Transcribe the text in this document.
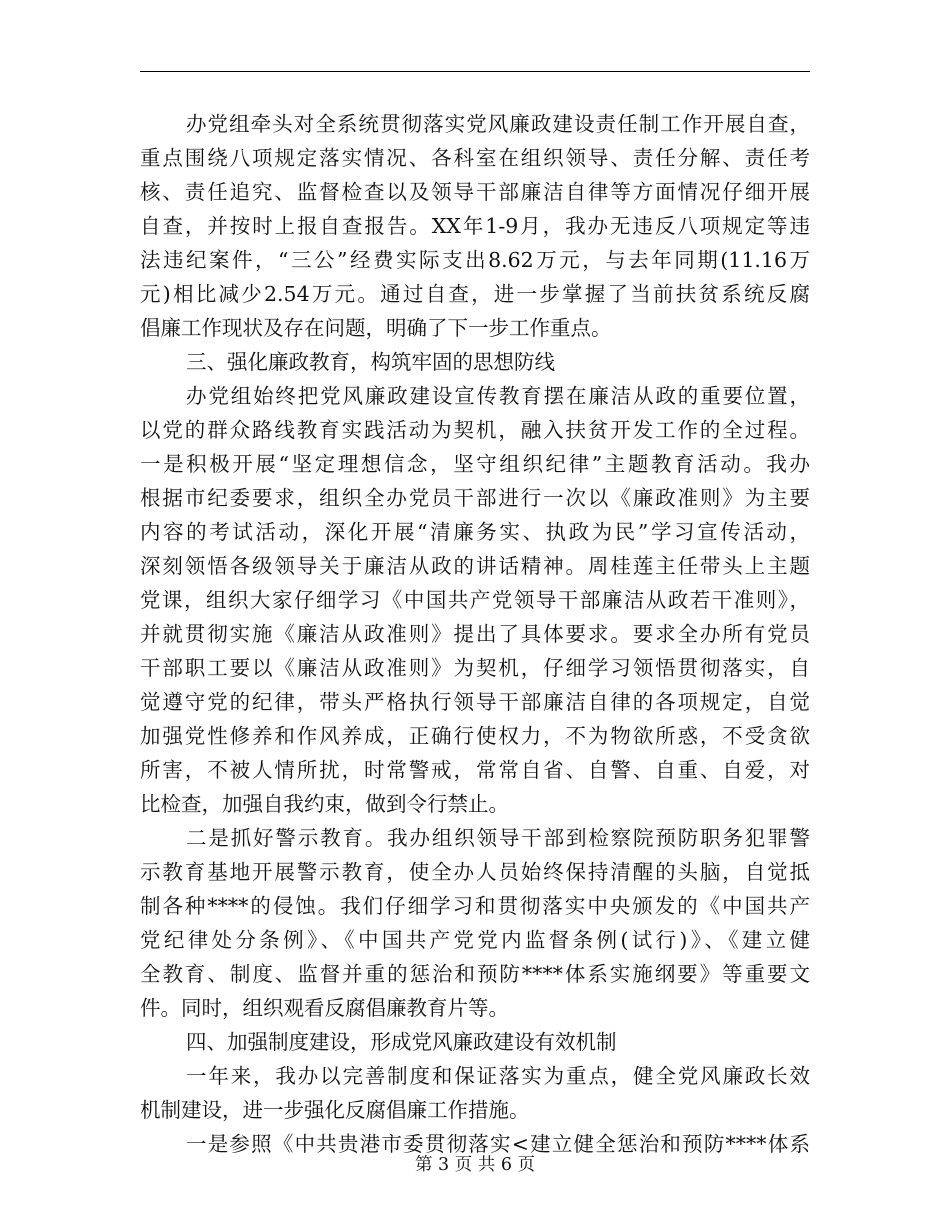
办党组牵头对全系统贯彻落实党风廉政建设责任制工作开展自查，
重点围绕八项规定落实情况、各科室在组织领导、责任分解、责任考
核、责任追究、监督检查以及领导干部廉洁自律等方面情况仔细开展
自查，并按时上报自查报告。XX年1-9月，我办无违反八项规定等违
法违纪案件，“三公”经费实际支出8.62万元，与去年同期(11.16万
元)相比减少2.54万元。通过自查，进一步掌握了当前扶贫系统反腐
倡廉工作现状及存在问题，明确了下一步工作重点。
三、强化廉政教育，构筑牢固的思想防线
办党组始终把党风廉政建设宣传教育摆在廉洁从政的重要位置，
以党的群众路线教育实践活动为契机，融入扶贫开发工作的全过程。
一是积极开展“坚定理想信念，坚守组织纪律”主题教育活动。我办
根据市纪委要求，组织全办党员干部进行一次以《廉政准则》为主要
内容的考试活动，深化开展“清廉务实、执政为民”学习宣传活动，
深刻领悟各级领导关于廉洁从政的讲话精神。周桂莲主任带头上主题
党课，组织大家仔细学习《中国共产党领导干部廉洁从政若干准则》，
并就贯彻实施《廉洁从政准则》提出了具体要求。要求全办所有党员
干部职工要以《廉洁从政准则》为契机，仔细学习领悟贯彻落实，自
觉遵守党的纪律，带头严格执行领导干部廉洁自律的各项规定，自觉
加强党性修养和作风养成，正确行使权力，不为物欲所惑，不受贪欲
所害，不被人情所扰，时常警戒，常常自省、自警、自重、自爱，对
比检查，加强自我约束，做到令行禁止。
二是抓好警示教育。我办组织领导干部到检察院预防职务犯罪警
示教育基地开展警示教育，使全办人员始终保持清醒的头脑，自觉抵
制各种****的侵蚀。我们仔细学习和贯彻落实中央颁发的《中国共产
党纪律处分条例》、《中国共产党党内监督条例(试行)》、《建立健
全教育、制度、监督并重的惩治和预防****体系实施纲要》等重要文
件。同时，组织观看反腐倡廉教育片等。
四、加强制度建设，形成党风廉政建设有效机制
一年来，我办以完善制度和保证落实为重点，健全党风廉政长效
机制建设，进一步强化反腐倡廉工作措施。
一是参照《中共贵港市委贯彻落实<建立健全惩治和预防****体系
第 3 页 共 6 页
